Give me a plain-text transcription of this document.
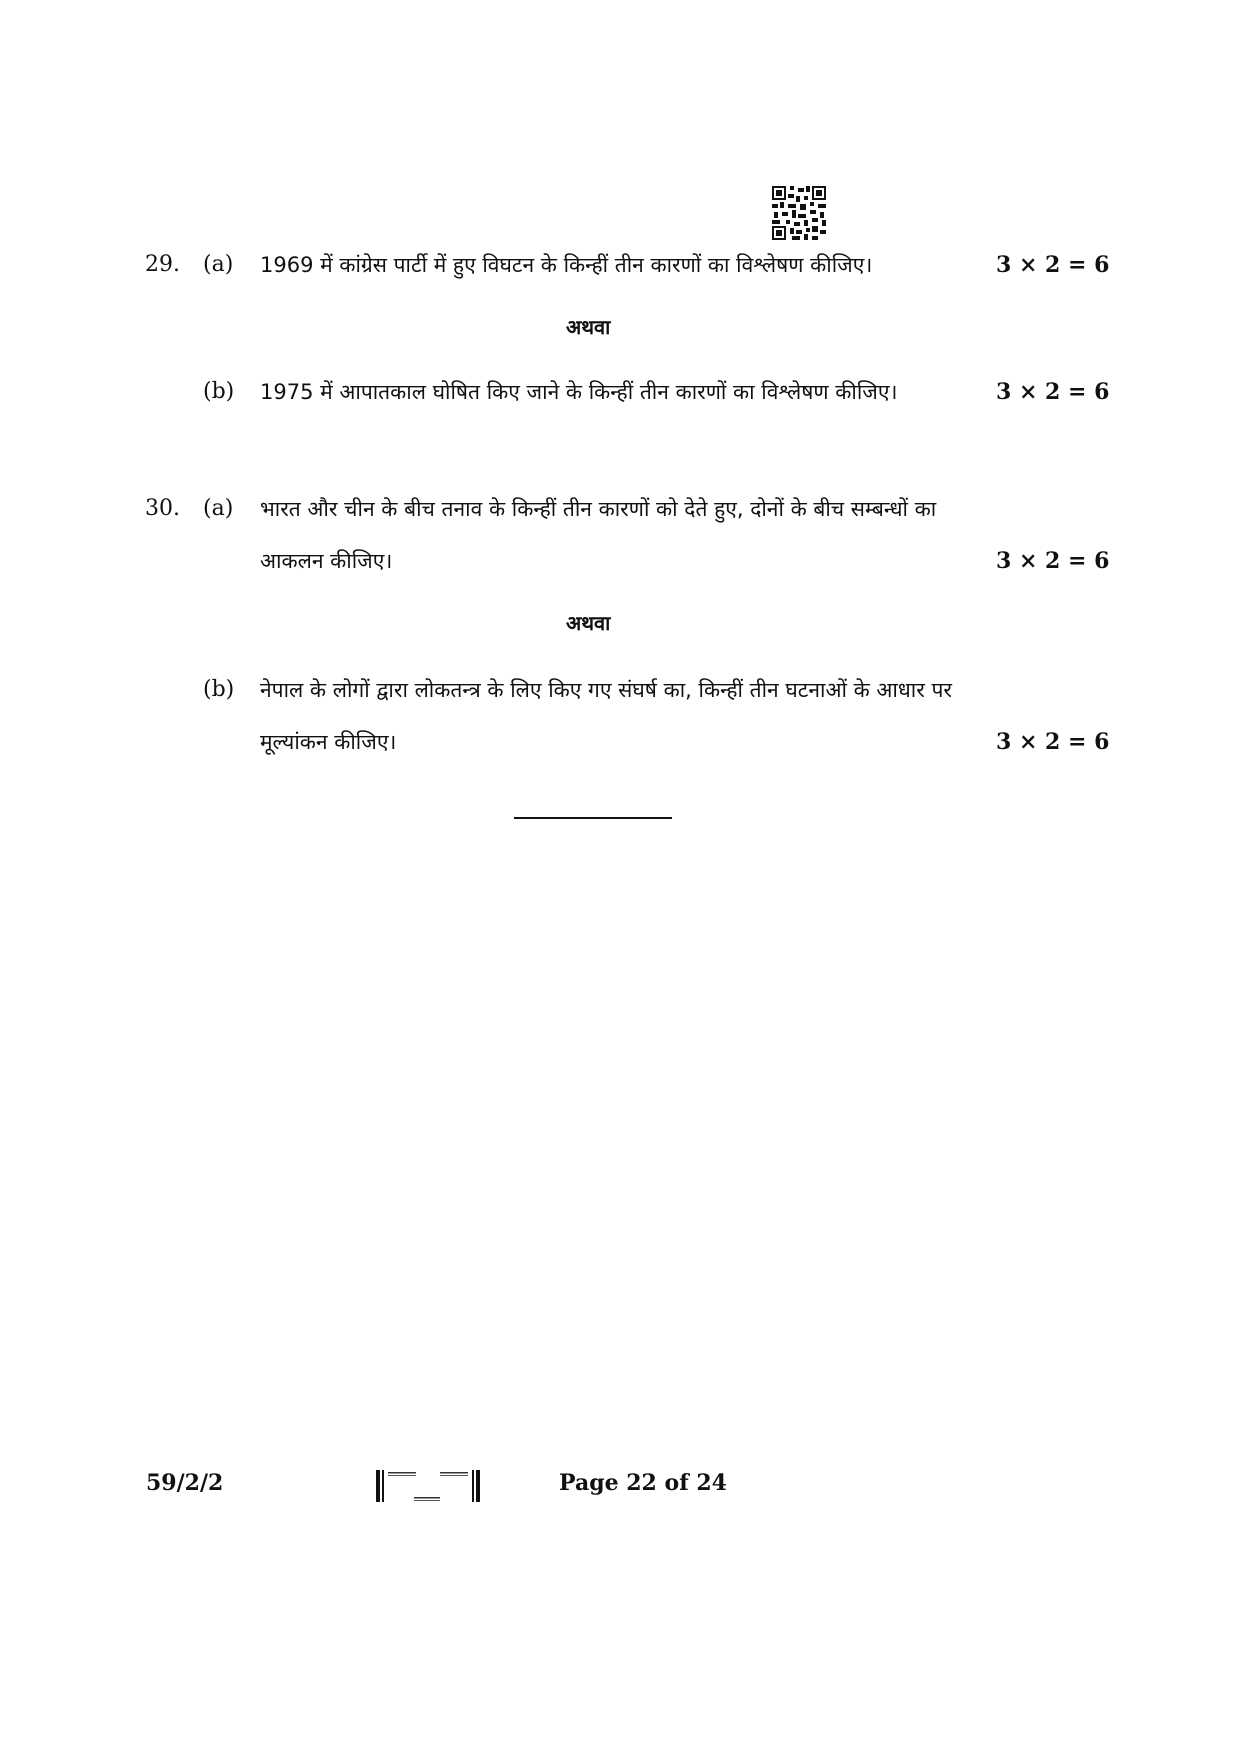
29. (a) 1969 में कांग्रेस पार्टी में हुए विघटन के किन्हीं तीन कारणों का विश्लेषण कीजिए।	3 × 2 = 6
अथवा
(b) 1975 में आपातकाल घोषित किए जाने के किन्हीं तीन कारणों का विश्लेषण कीजिए।	3 × 2 = 6
30. (a) भारत और चीन के बीच तनाव के किन्हीं तीन कारणों को देते हुए, दोनों के बीच सम्बन्धों का
आकलन कीजिए।	3 × 2 = 6
अथवा
(b) नेपाल के लोगों द्वारा लोकतन्त्र के लिए किए गए संघर्ष का, किन्हीं तीन घटनाओं के आधार पर
मूल्यांकन कीजिए।	3 × 2 = 6
59/2/2	Page 22 of 24
